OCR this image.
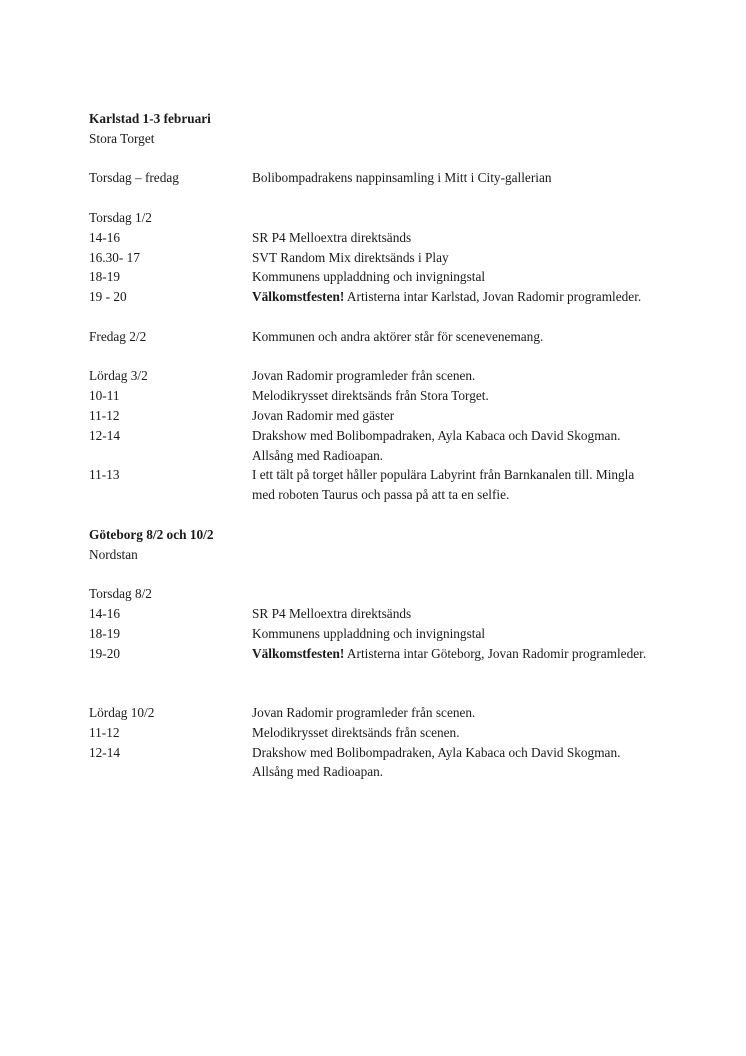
Karlstad 1-3 februari

Stora Torget

Torsdag – fredag	Bolibompadrakens nappinsamling i Mitt i City-gallerian
Torsdag 1/2
14-16	SR P4 Melloextra direktsänds
16.30- 17	SVT Random Mix direktsänds i Play
18-19	Kommunens uppladdning och invigningstal
19 - 20	Välkomstfesten! Artisterna intar Karlstad, Jovan Radomir programleder.
Fredag 2/2	Kommunen och andra aktörer står för scenevenemang.
Lördag 3/2	Jovan Radomir programleder från scenen.
10-11	Melodikrysset direktsänds från Stora Torget.
11-12	Jovan Radomir med gäster
12-14	Drakshow med Bolibompadraken, Ayla Kabaca och David Skogman. Allsång med Radioapan.
11-13	I ett tält på torget håller populära Labyrint från Barnkanalen till. Mingla med roboten Taurus och passa på att ta en selfie.

Göteborg 8/2 och 10/2

Nordstan

Torsdag 8/2
14-16	SR P4 Melloextra direktsänds
18-19	Kommunens uppladdning och invigningstal
19-20	Välkomstfesten! Artisterna intar Göteborg, Jovan Radomir programleder.
Lördag 10/2	Jovan Radomir programleder från scenen.
11-12	Melodikrysset direktsänds från scenen.
12-14	Drakshow med Bolibompadraken, Ayla Kabaca och David Skogman. Allsång med Radioapan.
